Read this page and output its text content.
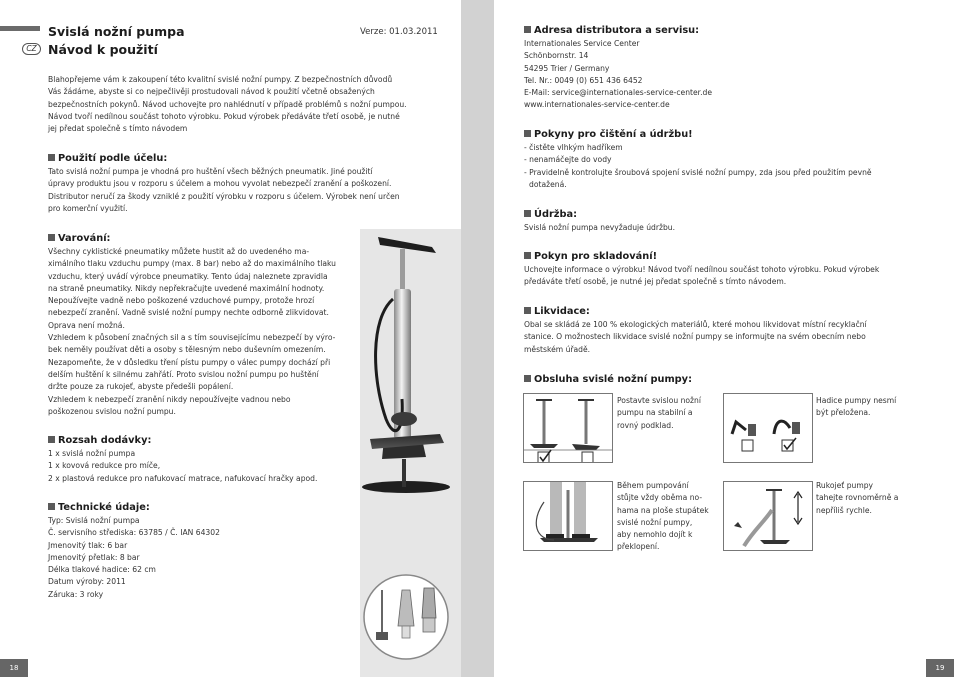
Svislá nožní pumpa
CZ Návod k použití
Verze: 01.03.2011
Blahopřejeme vám k zakoupení této kvalitní svislé nožní pumpy. Z bezpečnostních důvodů
Vás žádáme, abyste si co nejpečlivěji prostudovali návod k použití včetně obsažených
bezpečnostních pokynů. Návod uchovejte pro nahlédnutí v případě problémů s nožní pumpou.
Návod tvoří nedílnou součást tohoto výrobku. Pokud výrobek předáváte třetí osobě, je nutné
jej předat společně s tímto návodem
Použití podle účelu:
Tato svislá nožní pumpa je vhodná pro huštění všech běžných pneumatik. Jiné použití
úpravy produktu jsou v rozporu s účelem a mohou vyvolat nebezpečí zranění a poškození.
Distributor neručí za škody vzniklé z použití výrobku v rozporu s účelem. Výrobek není určen
pro komerční využití.
Varování:
Všechny cyklistické pneumatiky můžete hustit až do uvedeného ma-
ximálního tlaku vzduchu pumpy (max. 8 bar) nebo až do maximálního tlaku
vzduchu, který uvádí výrobce pneumatiky. Tento údaj naleznete zpravidla
na straně pneumatiky. Nikdy nepřekračujte uvedené maximální hodnoty.
Nepoužívejte vadně nebo poškozené vzduchové pumpy, protože hrozí
nebezpečí zranění. Vadně svislé nožní pumpy nechte odborně zlikvidovat.
Oprava není možná.
Vzhledem k působení značných sil a s tím souvisejícímu nebezpečí by výro-
bek neměly používat děti a osoby s tělesným nebo duševním omezením.
Nezapomeňte, že v důsledku tření pístu pumpy o válec pumpy dochází při
delším huštění k silnému zahřátí. Proto svislou nožní pumpu po huštění
držte pouze za rukojeť, abyste předešli popálení.
Vzhledem k nebezpečí zranění nikdy nepoužívejte vadnou nebo
poškozenou svislou nožní pumpu.
Rozsah dodávky:
1 x svislá nožní pumpa
1 x kovová redukce pro míče,
2 x plastová redukce pro nafukovací matrace, nafukovací hračky apod.
Technické údaje:
Typ: Svislá nožní pumpa
Č. servisního střediska: 63785 / Č. IAN 64302
Jmenovitý tlak: 6 bar
Jmenovitý přetlak: 8 bar
Délka tlakové hadice: 62 cm
Datum výroby: 2011
Záruka: 3 roky
18
Adresa distributora a servisu:
Internationales Service Center
Schönbornstr. 14
54295 Trier / Germany
Tel. Nr.: 0049 (0) 651 436 6452
E-Mail: service@internationales-service-center.de
www.internationales-service-center.de
Pokyny pro čištění a údržbu!
- čistěte vlhkým hadříkem
- nenamáčejte do vody
- Pravidelně kontrolujte šroubová spojení svislé nožní pumpy, zda jsou před použitím pevně
dotažená.
Údržba:
Svislá nožní pumpa nevyžaduje údržbu.
Pokyn pro skladování!
Uchovejte informace o výrobku! Návod tvoří nedílnou součást tohoto výrobku. Pokud výrobek
předáváte třetí osobě, je nutné jej předat společně s tímto návodem.
Likvidace:
Obal se skládá ze 100 % ekologických materiálů, které mohou likvidovat místní recyklační
stanice. O možnostech likvidace svislé nožní pumpy se informujte na svém obecním nebo
městském úřadě.
Obsluha svislé nožní pumpy:
Postavte svislou nožní
pumpu na stabilní a
rovný podklad.
Hadice pumpy nesmí
být přeložena.
Během pumpování
stůjte vždy oběma no-
hama na ploše stupátek
svislé nožní pumpy,
aby nemohlo dojít k
překlopení.
Rukojeť pumpy
tahejte rovnoměrně a
nepříliš rychle.
19
